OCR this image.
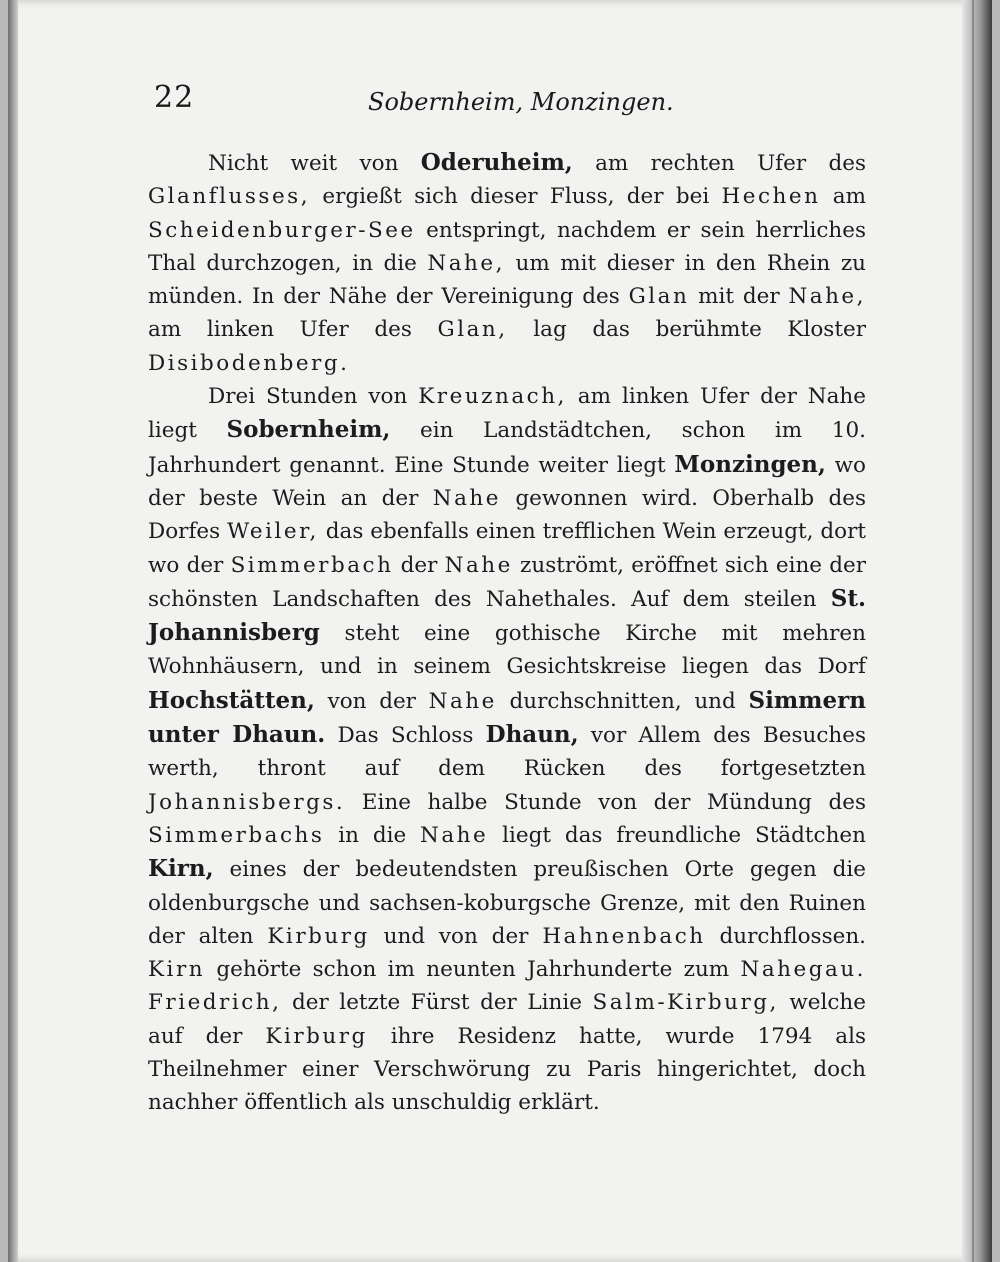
22	Sobernheim, Monzingen.

Nicht weit von Oderuheim, am rechten Ufer des Glanflusses, ergießt sich dieser Fluss, der bei Hechen am Scheidenburger-See entspringt, nachdem er sein herrliches Thal durchzogen, in die Nahe, um mit dieser in den Rhein zu münden. In der Nähe der Vereinigung des Glan mit der Nahe, am linken Ufer des Glan, lag das berühmte Kloster Disibodenberg.

Drei Stunden von Kreuznach, am linken Ufer der Nahe liegt Sobernheim, ein Landstädtchen, schon im 10. Jahrhundert genannt. Eine Stunde weiter liegt Monzingen, wo der beste Wein an der Nahe gewonnen wird. Oberhalb des Dorfes Weiler, das ebenfalls einen trefflichen Wein erzeugt, dort wo der Simmerbach der Nahe zuströmt, eröffnet sich eine der schönsten Landschaften des Nahethales. Auf dem steilen St. Johannisberg steht eine gothische Kirche mit mehren Wohnhäusern, und in seinem Gesichtskreise liegen das Dorf Hochstätten, von der Nahe durchschnitten, und Simmern unter Dhaun. Das Schloss Dhaun, vor Allem des Besuches werth, thront auf dem Rücken des fortgesetzten Johannisbergs. Eine halbe Stunde von der Mündung des Simmerbachs in die Nahe liegt das freundliche Städtchen Kirn, eines der bedeutendsten preußischen Orte gegen die oldenburgsche und sachsen-koburgsche Grenze, mit den Ruinen der alten Kirburg und von der Hahnenbach durchflossen. Kirn gehörte schon im neunten Jahrhunderte zum Nahegau. Friedrich, der letzte Fürst der Linie Salm-Kirburg, welche auf der Kirburg ihre Residenz hatte, wurde 1794 als Theilnehmer einer Verschwörung zu Paris hingerichtet, doch nachher öffentlich als unschuldig erklärt.
